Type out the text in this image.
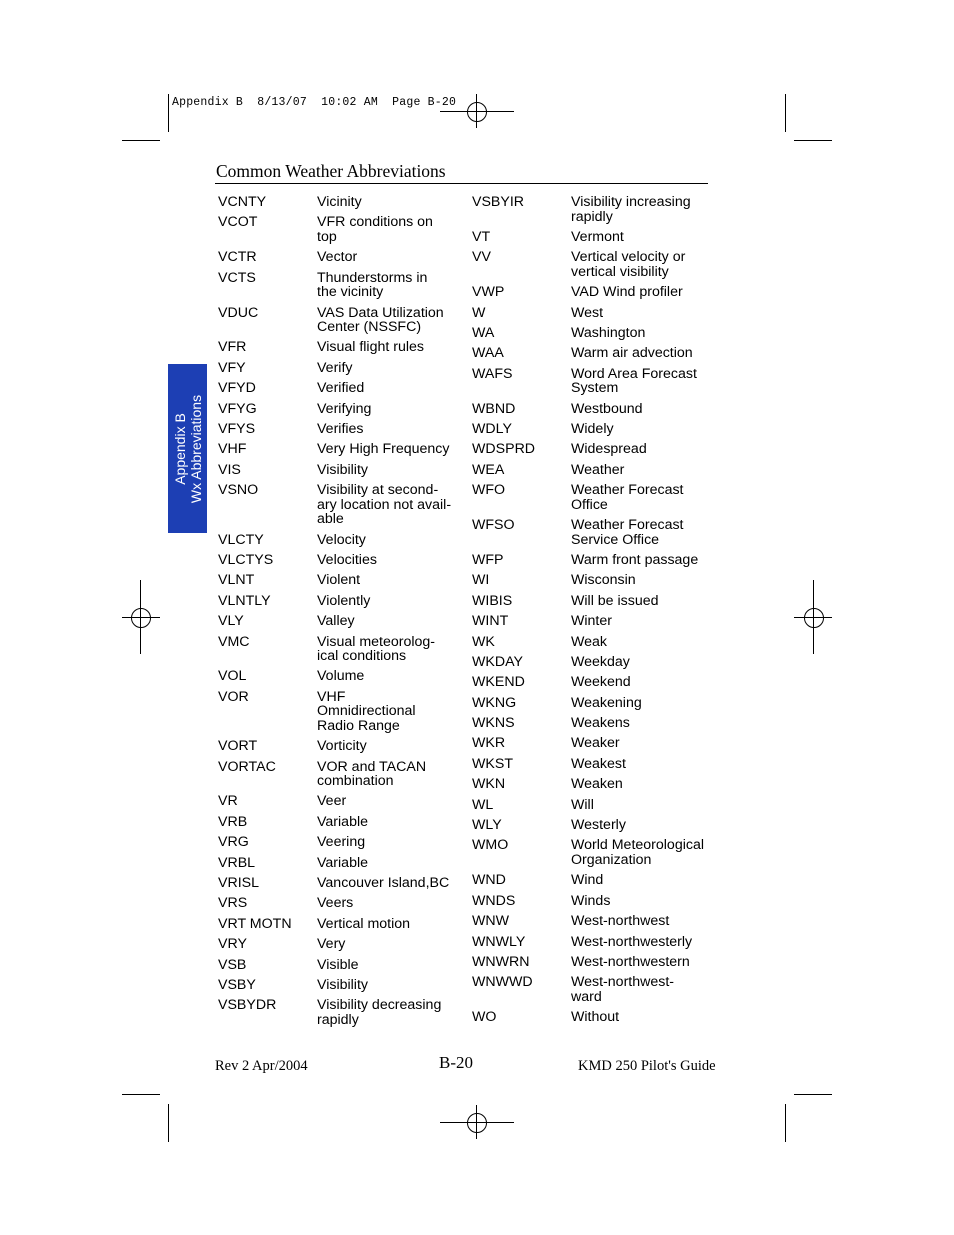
Appendix B  8/13/07  10:02 AM  Page B-20
Common Weather Abbreviations
Appendix B Wx Abbreviations
VCNTY	Vicinity
VCOT	VFR conditions on
top
VCTR	Vector
VCTS	Thunderstorms in
the vicinity
VDUC	VAS Data Utilization
Center (NSSFC)
VFR	Visual flight rules
VFY	Verify
VFYD	Verified
VFYG	Verifying
VFYS	Verifies
VHF	Very High Frequency
VIS	Visibility
VSNO	Visibility at second-
ary location not avail-
able
VLCTY	Velocity
VLCTYS	Velocities
VLNT	Violent
VLNTLY	Violently
VLY	Valley
VMC	Visual meteorolog-
ical conditions
VOL	Volume
VOR	VHF
Omnidirectional
Radio Range
VORT	Vorticity
VORTAC	VOR and TACAN
combination
VR	Veer
VRB	Variable
VRG	Veering
VRBL	Variable
VRISL	Vancouver Island,BC
VRS	Veers
VRT MOTN	Vertical motion
VRY	Very
VSB	Visible
VSBY	Visibility
VSBYDR	Visibility decreasing
rapidly
VSBYIR	Visibility increasing
rapidly
VT	Vermont
VV	Vertical velocity or
vertical visibility
VWP	VAD Wind profiler
W	West
WA	Washington
WAA	Warm air advection
WAFS	Word Area Forecast
System
WBND	Westbound
WDLY	Widely
WDSPRD	Widespread
WEA	Weather
WFO	Weather Forecast
Office
WFSO	Weather Forecast
Service Office
WFP	Warm front passage
WI	Wisconsin
WIBIS	Will be issued
WINT	Winter
WK	Weak
WKDAY	Weekday
WKEND	Weekend
WKNG	Weakening
WKNS	Weakens
WKR	Weaker
WKST	Weakest
WKN	Weaken
WL	Will
WLY	Westerly
WMO	World Meteorological
Organization
WND	Wind
WNDS	Winds
WNW	West-northwest
WNWLY	West-northwesterly
WNWRN	West-northwestern
WNWWD	West-northwest-
ward
WO	Without
Rev 2 Apr/2004	B-20	KMD 250 Pilot's Guide
